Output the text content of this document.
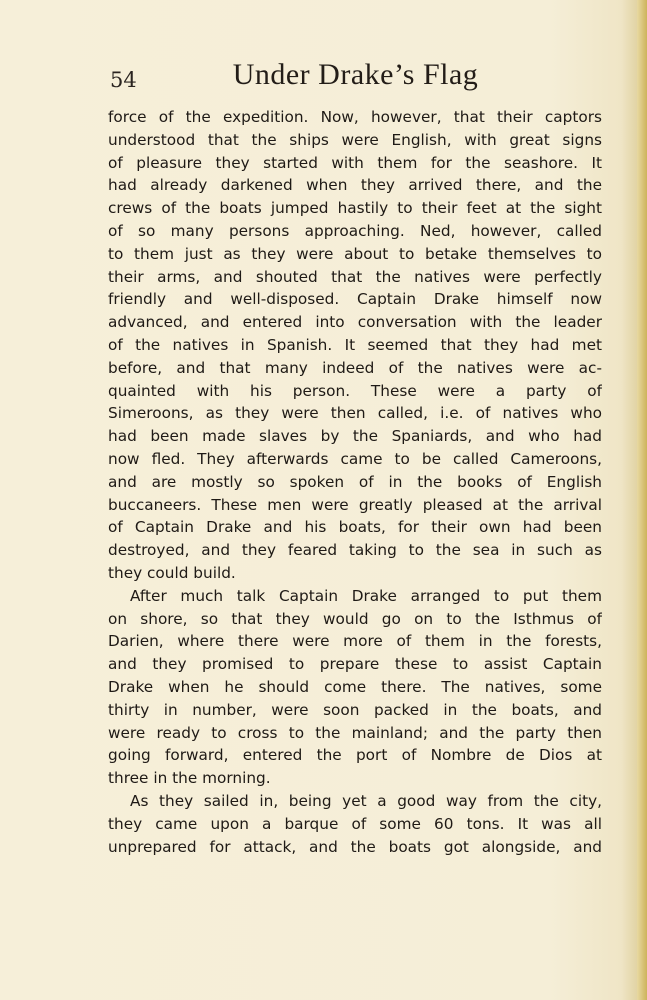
54	Under Drake’s Flag
force of the expedition. Now, however, that their captors
understood that the ships were English, with great signs
of pleasure they started with them for the seashore. It
had already darkened when they arrived there, and the
crews of the boats jumped hastily to their feet at the sight
of so many persons approaching. Ned, however, called
to them just as they were about to betake themselves to
their arms, and shouted that the natives were perfectly
friendly and well-disposed. Captain Drake himself now
advanced, and entered into conversation with the leader
of the natives in Spanish. It seemed that they had met
before, and that many indeed of the natives were ac-
quainted with his person. These were a party of
Simeroons, as they were then called, i.e. of natives who
had been made slaves by the Spaniards, and who had
now fled. They afterwards came to be called Cameroons,
and are mostly so spoken of in the books of English
buccaneers. These men were greatly pleased at the arrival
of Captain Drake and his boats, for their own had been
destroyed, and they feared taking to the sea in such as
they could build.
After much talk Captain Drake arranged to put them
on shore, so that they would go on to the Isthmus of
Darien, where there were more of them in the forests,
and they promised to prepare these to assist Captain
Drake when he should come there. The natives, some
thirty in number, were soon packed in the boats, and
were ready to cross to the mainland; and the party then
going forward, entered the port of Nombre de Dios at
three in the morning.
As they sailed in, being yet a good way from the city,
they came upon a barque of some 60 tons. It was all
unprepared for attack, and the boats got alongside, and
